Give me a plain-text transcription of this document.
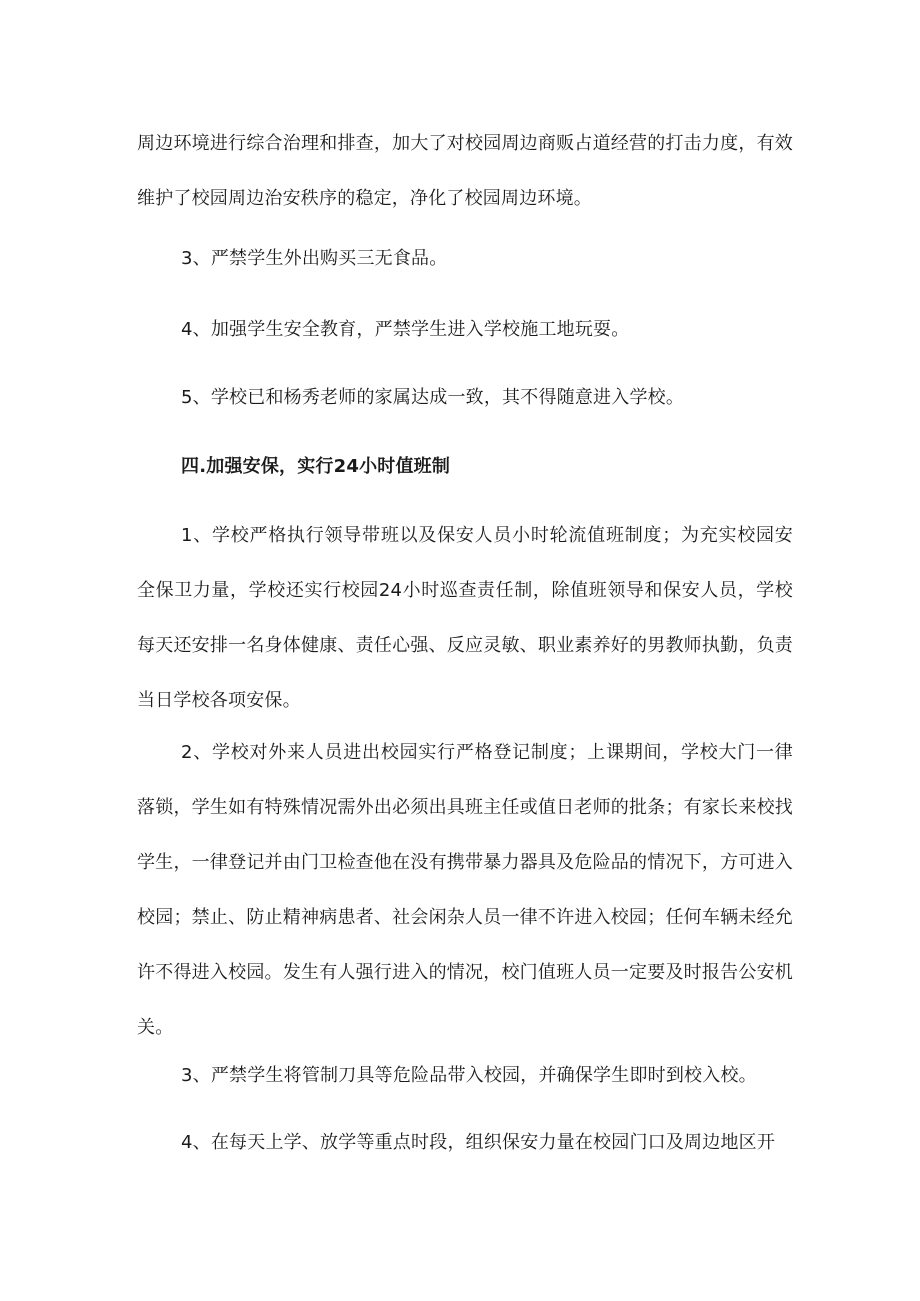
周边环境进行综合治理和排查，加大了对校园周边商贩占道经营的打击力度，有效维护了校园周边治安秩序的稳定，净化了校园周边环境。

3、严禁学生外出购买三无食品。

4、加强学生安全教育，严禁学生进入学校施工地玩耍。

5、学校已和杨秀老师的家属达成一致，其不得随意进入学校。

四.加强安保，实行24小时值班制

1、学校严格执行领导带班以及保安人员小时轮流值班制度；为充实校园安全保卫力量，学校还实行校园24小时巡查责任制，除值班领导和保安人员，学校每天还安排一名身体健康、责任心强、反应灵敏、职业素养好的男教师执勤，负责当日学校各项安保。

2、学校对外来人员进出校园实行严格登记制度；上课期间，学校大门一律落锁，学生如有特殊情况需外出必须出具班主任或值日老师的批条；有家长来校找学生，一律登记并由门卫检查他在没有携带暴力器具及危险品的情况下，方可进入校园；禁止、防止精神病患者、社会闲杂人员一律不许进入校园；任何车辆未经允许不得进入校园。发生有人强行进入的情况，校门值班人员一定要及时报告公安机关。

3、严禁学生将管制刀具等危险品带入校园，并确保学生即时到校入校。

4、在每天上学、放学等重点时段，组织保安力量在校园门口及周边地区开
